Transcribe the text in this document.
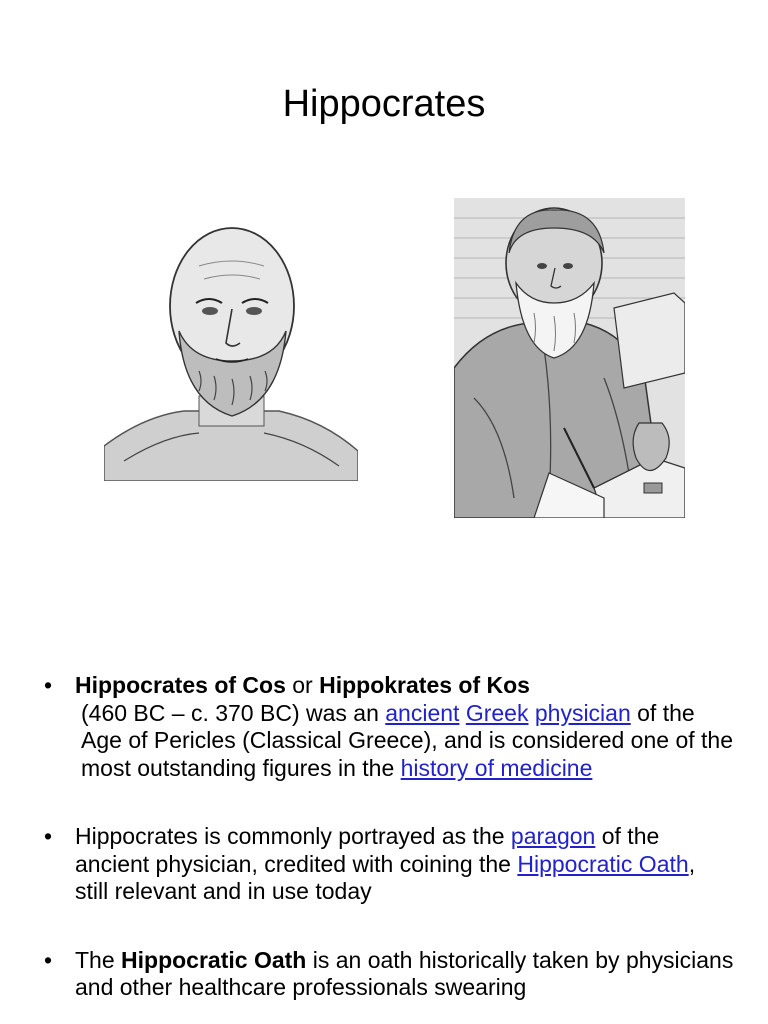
Hippocrates

• Hippocrates of Cos or Hippokrates of Kos

(460 BC – c. 370 BC) was an ancient Greek physician of the Age of Pericles (Classical Greece), and is considered one of the most outstanding figures in the history of medicine

• Hippocrates is commonly portrayed as the paragon of the ancient physician, credited with coining the Hippocratic Oath, still relevant and in use today

• The Hippocratic Oath is an oath historically taken by physicians and other healthcare professionals swearing
